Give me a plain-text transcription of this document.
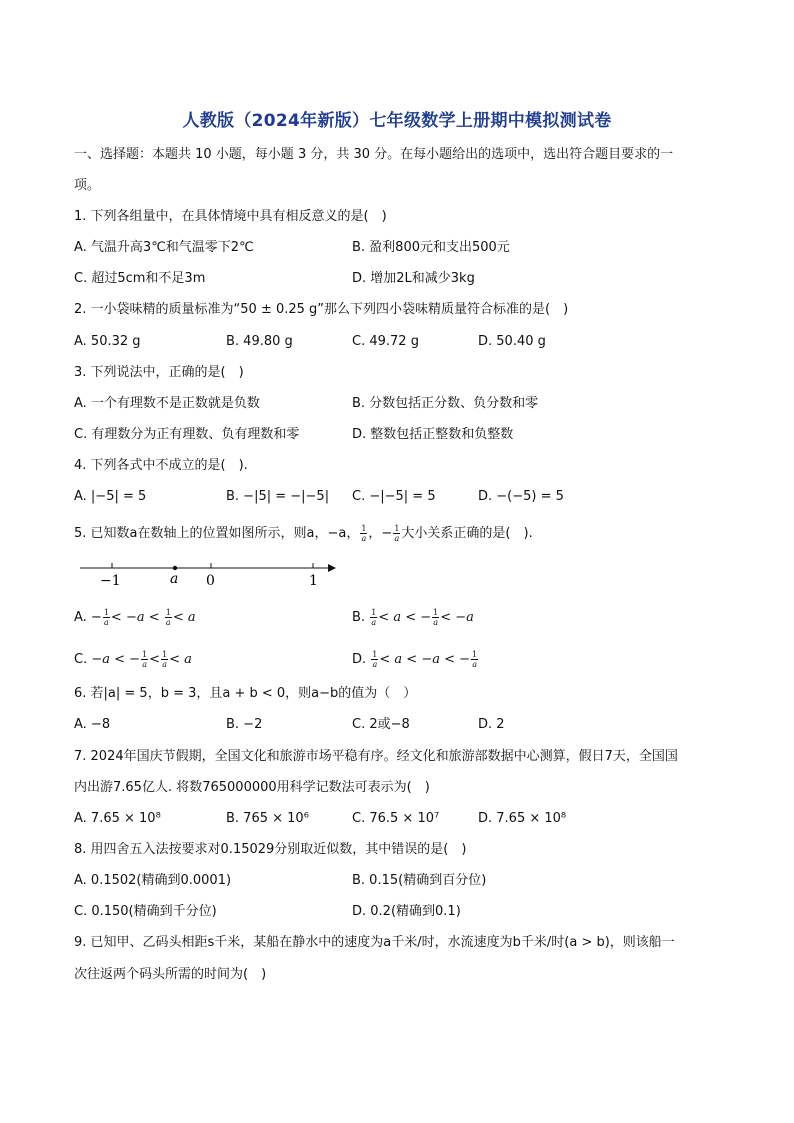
人教版（2024年新版）七年级数学上册期中模拟测试卷
一、选择题：本题共 10 小题，每小题 3 分，共 30 分。在每小题给出的选项中，选出符合题目要求的一
项。
1. 下列各组量中，在具体情境中具有相反意义的是(　)
A. 气温升高3℃和气温零下2℃	B. 盈利800元和支出500元
C. 超过5cm和不足3m	D. 增加2L和减少3kg
2. 一小袋味精的质量标准为“50 ± 0.25 g”那么下列四小袋味精质量符合标准的是(　)
A. 50.32 g	B. 49.80 g	C. 49.72 g	D. 50.40 g
3. 下列说法中，正确的是(　)
A. 一个有理数不是正数就是负数	B. 分数包括正分数、负分数和零
C. 有理数分为正有理数、负有理数和零	D. 整数包括正整数和负整数
4. 下列各式中不成立的是(　).
A. |−5| = 5	B. −|5| = −|−5| C. −|−5| = 5	D. −(−5) = 5
5. 已知数a在数轴上的位置如图所示，则a，−a， $\frac{1}{a}$ ，− $\frac{1}{a}$ 大小关系正确的是(　).
−1	a 0	1
A. − $\frac{1}{a} < -a < \frac{1}{a} < a$	B. $\frac{1}{a} < a$ < − $\frac{1}{a} < -a$
C. −a < − $\frac{1}{a} < \frac{1}{a} < a$	D. $\frac{1}{a} < a < -a$ < − $\frac{1}{a}$
6. 若|a| = 5，b = 3，且a + b < 0，则a−b的值为（　）
A. −8	B. −2	C. 2或−8	D. 2
7. 2024年国庆节假期，全国文化和旅游市场平稳有序。经文化和旅游部数据中心测算，假日7天，全国国
内出游7.65亿人. 将数765000000用科学记数法可表示为(　)
A. 7.65 × 10⁸	B. 765 × 10⁶	C. 76.5 × 10⁷	D. 7.65 × 10⁸
8. 用四舍五入法按要求对0.15029分别取近似数，其中错误的是(　)
A. 0.1502(精确到0.0001)	B. 0.15(精确到百分位)
C. 0.150(精确到千分位)	D. 0.2(精确到0.1)
9. 已知甲、乙码头相距s千米，某船在静水中的速度为a千米/时，水流速度为b千米/时(a > b)，则该船一
次往返两个码头所需的时间为(　)
